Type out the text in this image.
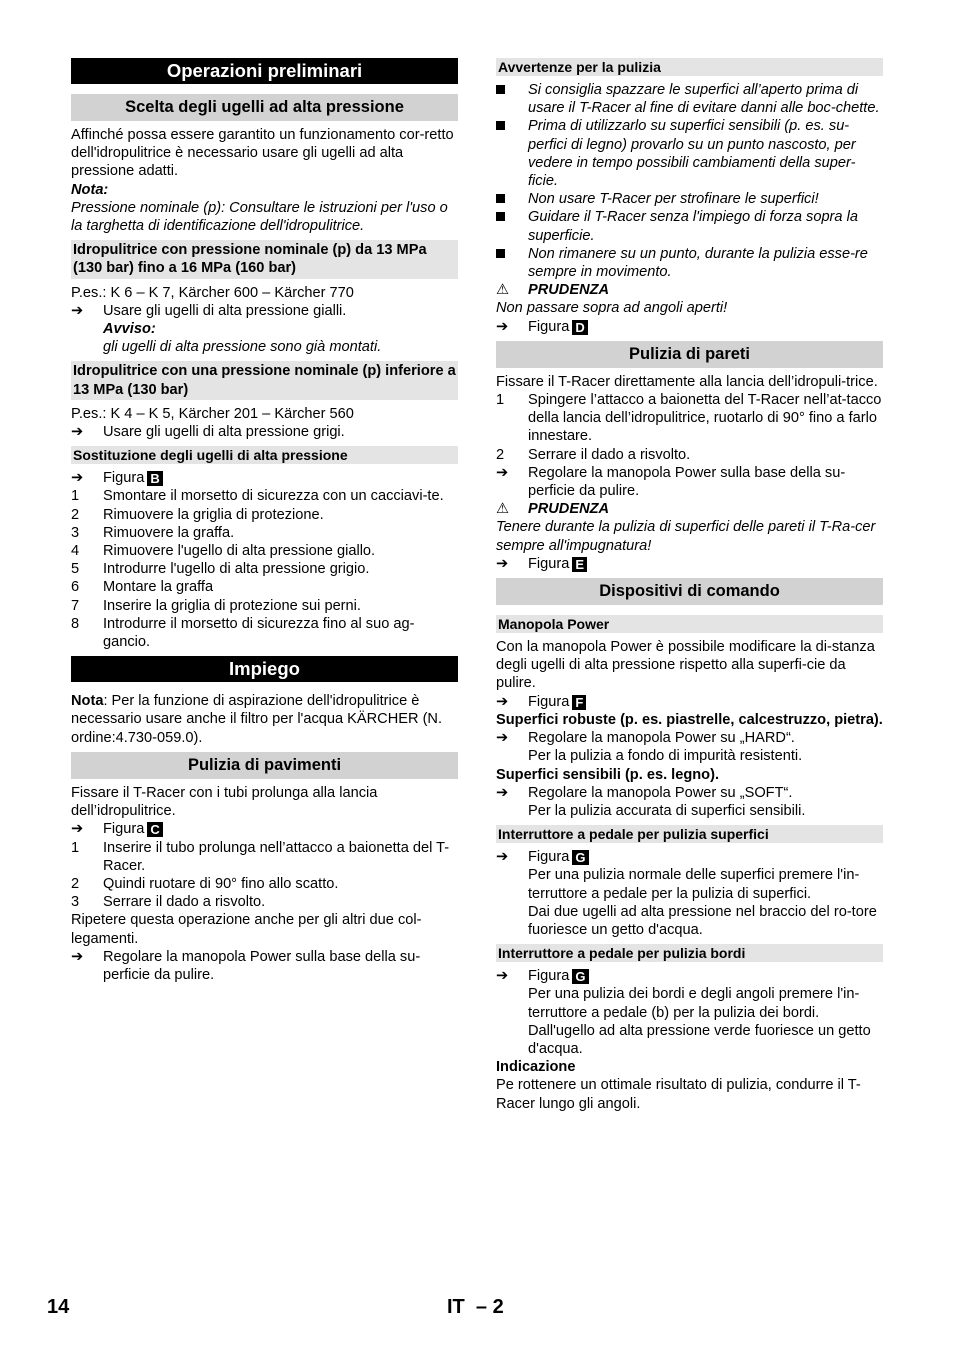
Operazioni preliminari
Scelta degli ugelli ad alta pressione

Affinché possa essere garantito un funzionamento cor-retto dell'idropulitrice è necessario usare gli ugelli ad alta pressione adatti.

Nota:

Pressione nominale (p): Consultare le istruzioni per l'uso o la targhetta di identificazione dell'idropulitrice.

Idropulitrice con pressione nominale (p) da 13 MPa (130 bar) fino a 16 MPa (160 bar)

P.es.: K 6 – K 7, Kärcher 600 – Kärcher 770

➔	Usare gli ugelli di alta pressione gialli.
Avviso:
gli ugelli di alta pressione sono già montati.
Idropulitrice con una pressione nominale (p) inferiore a 13 MPa (130 bar)

P.es.: K 4 – K 5, Kärcher 201 – Kärcher 560

➔	Usare gli ugelli di alta pressione grigi.
Sostituzione degli ugelli di alta pressione
➔	Figura B
1	Smontare il morsetto di sicurezza con un cacciavi-te.
2	Rimuovere la griglia di protezione.
3	Rimuovere la graffa.
4	Rimuovere l'ugello di alta pressione giallo.
5	Introdurre l'ugello di alta pressione grigio.
6	Montare la graffa
7	Inserire la griglia di protezione sui perni.
8	Introdurre il morsetto di sicurezza fino al suo ag-gancio.
Impiego

Nota: Per la funzione di aspirazione dell'idropulitrice è necessario usare anche il filtro per l'acqua KÄRCHER (N. ordine:4.730-059.0).

Pulizia di pavimenti

Fissare il T-Racer con i tubi prolunga alla lancia dell’idropulitrice.

➔	Figura C
1	Inserire il tubo prolunga nell’attacco a baionetta del T-Racer.
2	Quindi ruotare di 90° fino allo scatto.
3	Serrare il dado a risvolto.

Ripetere questa operazione anche per gli altri due col-legamenti.

➔	Regolare la manopola Power sulla base della su-perficie da pulire.
Avvertenze per la pulizia
Si consiglia spazzare le superfici all’aperto prima di usare il T-Racer al fine di evitare danni alle boc-chette.
Prima di utilizzarlo su superfici sensibili (p. es. su-perfici di legno) provarlo su un punto nascosto, per vedere in tempo possibili cambiamenti della super-ficie.
Non usare T-Racer per strofinare le superfici!
Guidare il T-Racer senza l'impiego di forza sopra la superficie.
Non rimanere su un punto, durante la pulizia esse-re sempre in movimento.
⚠	PRUDENZA

Non passare sopra ad angoli aperti!

➔	Figura D
Pulizia di pareti

Fissare il T-Racer direttamente alla lancia dell’idropuli-trice.

1	Spingere l’attacco a baionetta del T-Racer nell’at-tacco della lancia dell’idropulitrice, ruotarlo di 90° fino a farlo innestare.
2	Serrare il dado a risvolto.
➔	Regolare la manopola Power sulla base della su-perficie da pulire.
⚠	PRUDENZA

Tenere durante la pulizia di superfici delle pareti il T-Ra-cer sempre all'impugnatura!

➔	Figura E
Dispositivi di comando
Manopola Power

Con la manopola Power è possibile modificare la di-stanza degli ugelli di alta pressione rispetto alla superfi-cie da pulire.

➔	Figura F

Superfici robuste (p. es. piastrelle, calcestruzzo, pietra).

➔	Regolare la manopola Power su „HARD“.
Per la pulizia a fondo di impurità resistenti.

Superfici sensibili (p. es. legno).

➔	Regolare la manopola Power su „SOFT“.
Per la pulizia accurata di superfici sensibili.
Interruttore a pedale per pulizia superfici
➔	Figura G
Per una pulizia normale delle superfici premere l'in-terruttore a pedale per la pulizia di superfici.
Dai due ugelli ad alta pressione nel braccio del ro-tore fuoriesce un getto d'acqua.
Interruttore a pedale per pulizia bordi
➔	Figura G
Per una pulizia dei bordi e degli angoli premere l'in-terruttore a pedale (b) per la pulizia dei bordi.
Dall'ugello ad alta pressione verde fuoriesce un getto d'acqua.

Indicazione

Pe rottenere un ottimale risultato di pulizia, condurre il T-Racer lungo gli angoli.

14	IT – 2
